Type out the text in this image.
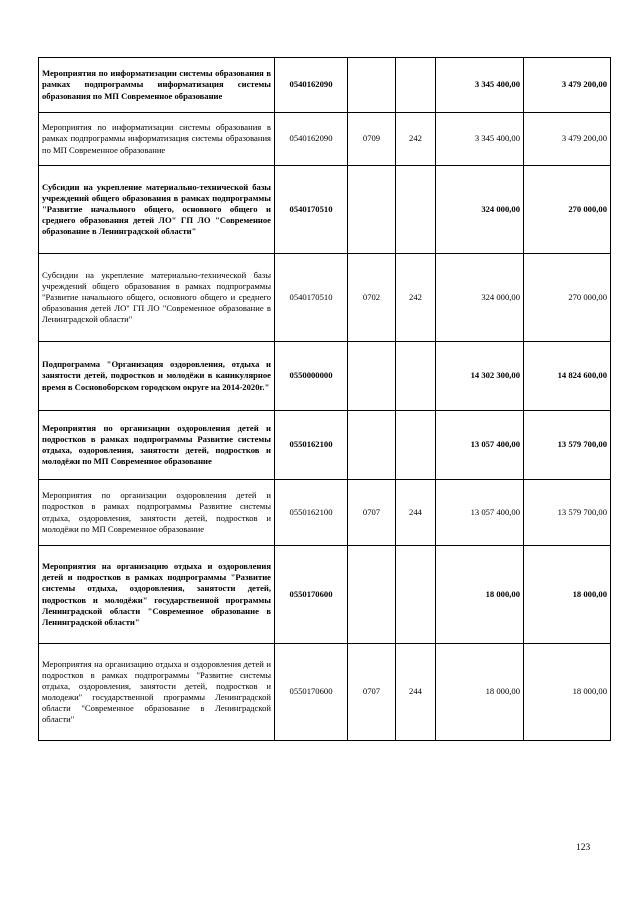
Мероприятия по информатизации системы образования в рамках подпрограммы информатизация системы образования по МП Современное образование	0540162090			3 345 400,00	3 479 200,00
Мероприятия по информатизации системы образования в рамках подпрограммы информатизация системы образования по МП Современное образование	0540162090	0709	242	3 345 400,00	3 479 200,00
Субсидии на укрепление материально-технической базы учреждений общего образования в рамках подпрограммы "Развитие начального общего, основного общего и среднего образования детей ЛО" ГП ЛО "Современное образование в Ленинградской области"	0540170510			324 000,00	270 000,00
Субсидии на укрепление материально-технической базы учреждений общего образования в рамках подпрограммы "Развитие начального общего, основного общего и среднего образования детей ЛО" ГП ЛО "Современное образование в Ленинградской области"	0540170510	0702	242	324 000,00	270 000,00
Подпрограмма "Организация оздоровления, отдыха и занятости детей, подростков и молодёжи в каникулярное время в Сосновоборском городском округе на 2014-2020г."	0550000000			14 302 300,00	14 824 600,00
Мероприятия по организации оздоровления детей и подростков в рамках подпрограммы Развитие системы отдыха, оздоровления, занятости детей, подростков и молодёжи по МП Современное образование	0550162100			13 057 400,00	13 579 700,00
Мероприятия по организации оздоровления детей и подростков в рамках подпрограммы Развитие системы отдыха, оздоровления, занятости детей, подростков и молодёжи по МП Современное образование	0550162100	0707	244	13 057 400,00	13 579 700,00
Мероприятия на организацию отдыха и оздоровления детей и подростков в рамках подпрограммы "Развитие системы отдыха, оздоровления, занятости детей, подростков и молодёжи" государственной программы Ленинградской области "Современное образование в Ленинградской области"	0550170600			18 000,00	18 000,00
Мероприятия на организацию отдыха и оздоровления детей и подростков в рамках подпрограммы "Развитие системы отдыха, оздоровления, занятости детей, подростков и молодежи" государственной программы Ленинградской области "Современное образование в Ленинградской области"	0550170600	0707	244	18 000,00	18 000,00
123
